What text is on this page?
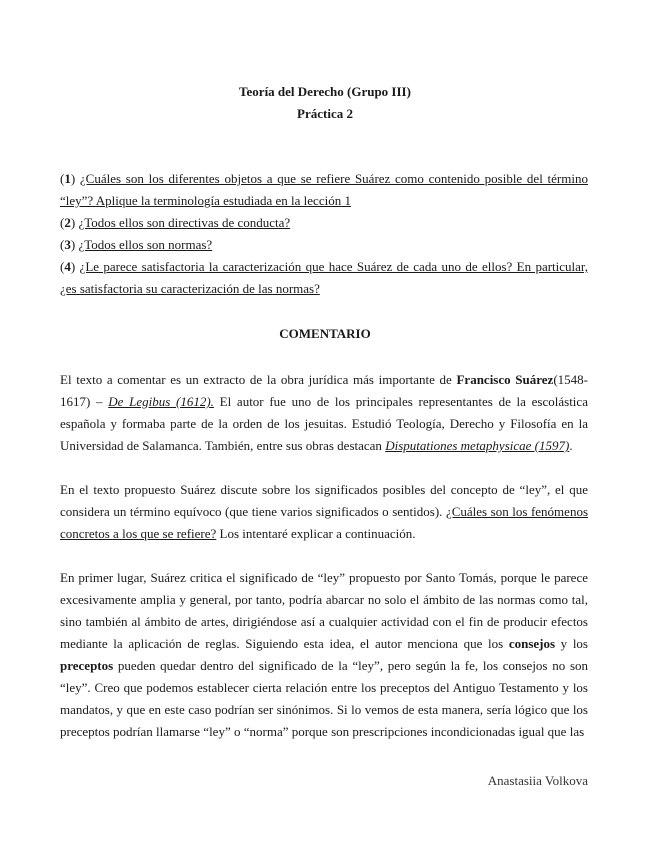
Teoría del Derecho (Grupo III)
Práctica 2
(1) ¿Cuáles son los diferentes objetos a que se refiere Suárez como contenido posible del término “ley”? Aplique la terminología estudiada en la lección 1
(2) ¿Todos ellos son directivas de conducta?
(3) ¿Todos ellos son normas?
(4) ¿Le parece satisfactoria la caracterización que hace Suárez de cada uno de ellos? En particular, ¿es satisfactoria su caracterización de las normas?
COMENTARIO
El texto a comentar es un extracto de la obra jurídica más importante de Francisco Suárez(1548-1617) – De Legibus (1612). El autor fue uno de los principales representantes de la escolástica española y formaba parte de la orden de los jesuitas. Estudió Teología, Derecho y Filosofía en la Universidad de Salamanca. También, entre sus obras destacan Disputationes metaphysicae (1597).
En el texto propuesto Suárez discute sobre los significados posibles del concepto de “ley”, el que considera un término equívoco (que tiene varios significados o sentidos). ¿Cuáles son los fenómenos concretos a los que se refiere? Los intentaré explicar a continuación.
En primer lugar, Suárez critica el significado de “ley” propuesto por Santo Tomás, porque le parece excesivamente amplia y general, por tanto, podría abarcar no solo el ámbito de las normas como tal, sino también al ámbito de artes, dirigiéndose así a cualquier actividad con el fin de producir efectos mediante la aplicación de reglas. Siguiendo esta idea, el autor menciona que los consejos y los preceptos pueden quedar dentro del significado de la “ley”, pero según la fe, los consejos no son “ley”. Creo que podemos establecer cierta relación entre los preceptos del Antiguo Testamento y los mandatos, y que en este caso podrían ser sinónimos. Si lo vemos de esta manera, sería lógico que los preceptos podrían llamarse “ley” o “norma” porque son prescripciones incondicionadas igual que las
Anastasiia Volkova
